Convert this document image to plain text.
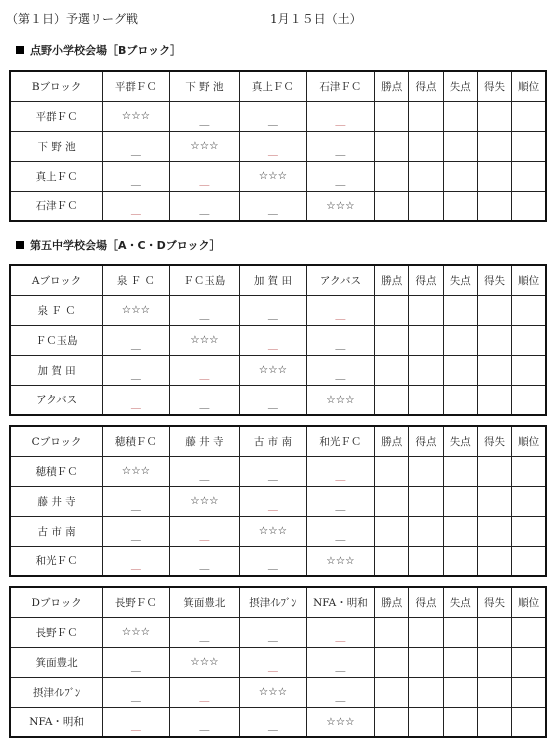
（第１日）予選リーグ戦	1月１５日（土）
点野小学校会場［Bブロック］
第五中学校会場［A・C・Dブロック］
Bブロック	平群ＦＣ	下 野 池	真上ＦＣ	石津ＦＣ	勝点	得点	失点	得失	順位
平群ＦＣ	☆☆☆	＿	＿	＿					
下 野 池	＿	☆☆☆	＿	＿					
真上ＦＣ	＿	＿	☆☆☆	＿					
石津ＦＣ	＿	＿	＿	☆☆☆					
Aブロック	泉 Ｆ Ｃ	ＦＣ玉島	加 賀 田	アクバス	勝点	得点	失点	得失	順位
泉 Ｆ Ｃ	☆☆☆	＿	＿	＿					
ＦＣ玉島	＿	☆☆☆	＿	＿					
加 賀 田	＿	＿	☆☆☆	＿					
アクバス	＿	＿	＿	☆☆☆					
Cブロック	穂積ＦＣ	藤 井 寺	古 市 南	和光ＦＣ	勝点	得点	失点	得失	順位
穂積ＦＣ	☆☆☆	＿	＿	＿					
藤 井 寺	＿	☆☆☆	＿	＿					
古 市 南	＿	＿	☆☆☆	＿					
和光ＦＣ	＿	＿	＿	☆☆☆					
Dブロック	長野ＦＣ	箕面豊北	摂津ｲﾚﾌﾞﾝ	NFA・明和	勝点	得点	失点	得失	順位
長野ＦＣ	☆☆☆	＿	＿	＿					
箕面豊北	＿	☆☆☆	＿	＿					
摂津ｲﾚﾌﾞﾝ	＿	＿	☆☆☆	＿					
NFA・明和	＿	＿	＿	☆☆☆					
